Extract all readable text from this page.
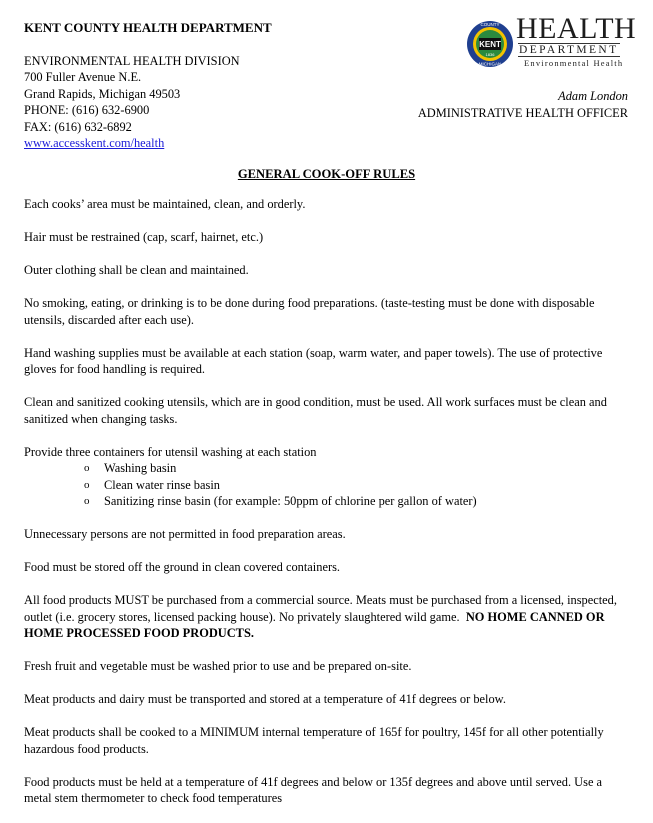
KENT COUNTY HEALTH DEPARTMENT
ENVIRONMENTAL HEALTH DIVISION
700 Fuller Avenue N.E.
Grand Rapids, Michigan 49503
PHONE: (616) 632-6900
FAX: (616) 632-6892
www.accesskent.com/health
KENT
1836
COUNTY
MICHIGAN
HEALTH
DEPARTMENT
Environmental Health
Adam London
ADMINISTRATIVE HEALTH OFFICER
GENERAL COOK-OFF RULES

Each cooks’ area must be maintained, clean, and orderly.

Hair must be restrained (cap, scarf, hairnet, etc.)

Outer clothing shall be clean and maintained.

No smoking, eating, or drinking is to be done during food preparations. (taste-testing must be done with disposable utensils, discarded after each use).

Hand washing supplies must be available at each station (soap, warm water, and paper towels). The use of protective gloves for food handling is required.

Clean and sanitized cooking utensils, which are in good condition, must be used. All work surfaces must be clean and sanitized when changing tasks.

Provide three containers for utensil washing at each station

o Washing basin
o Clean water rinse basin
o Sanitizing rinse basin (for example: 50ppm of chlorine per gallon of water)

Unnecessary persons are not permitted in food preparation areas.

Food must be stored off the ground in clean covered containers.

All food products MUST be purchased from a commercial source. Meats must be purchased from a licensed, inspected, outlet (i.e. grocery stores, licensed packing house). No privately slaughtered wild game. NO HOME CANNED OR HOME PROCESSED FOOD PRODUCTS.

Fresh fruit and vegetable must be washed prior to use and be prepared on-site.

Meat products and dairy must be transported and stored at a temperature of 41f degrees or below.

Meat products shall be cooked to a MINIMUM internal temperature of 165f for poultry, 145f for all other potentially hazardous food products.

Food products must be held at a temperature of 41f degrees and below or 135f degrees and above until served. Use a metal stem thermometer to check food temperatures
